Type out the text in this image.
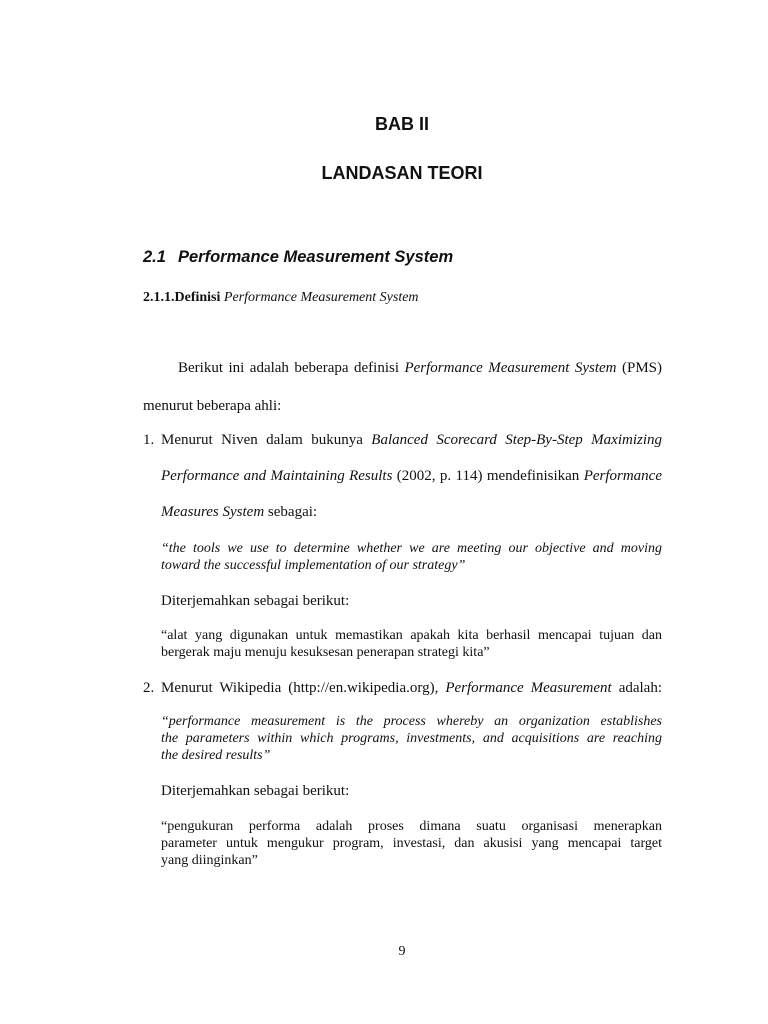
BAB II
LANDASAN TEORI
2.1 Performance Measurement System
2.1.1.Definisi Performance Measurement System
Berikut ini adalah beberapa definisi Performance Measurement System (PMS)
menurut beberapa ahli:
1. Menurut Niven dalam bukunya Balanced Scorecard Step-By-Step Maximizing
Performance and Maintaining Results (2002, p. 114) mendefinisikan Performance
Measures System sebagai:
“the tools we use to determine whether we are meeting our objective and moving
toward the successful implementation of our strategy”
Diterjemahkan sebagai berikut:
“alat yang digunakan untuk memastikan apakah kita berhasil mencapai tujuan dan
bergerak maju menuju kesuksesan penerapan strategi kita”
2. Menurut Wikipedia (http://en.wikipedia.org), Performance Measurement adalah:
“performance measurement is the process whereby an organization establishes
the parameters within which programs, investments, and acquisitions are reaching
the desired results”
Diterjemahkan sebagai berikut:
“pengukuran performa adalah proses dimana suatu organisasi menerapkan
parameter untuk mengukur program, investasi, dan akusisi yang mencapai target
yang diinginkan”
9
